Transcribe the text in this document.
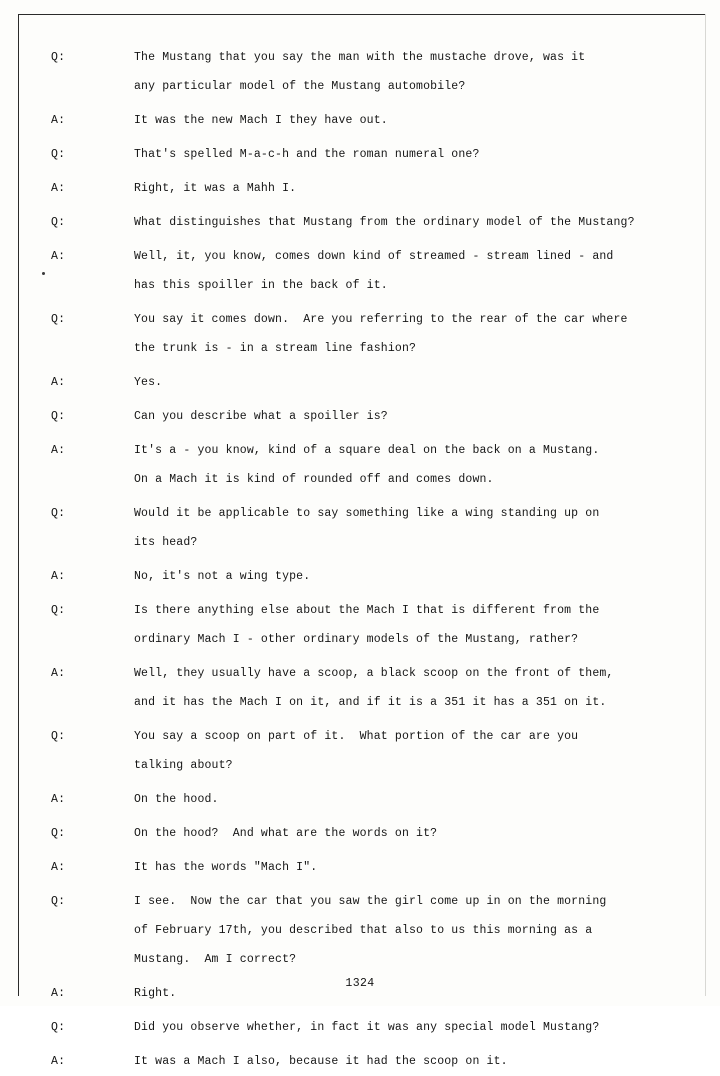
Q:	The Mustang that you say the man with the mustache drove, was it
any particular model of the Mustang automobile?
A:	It was the new Mach I they have out.
Q:	That's spelled M-a-c-h and the roman numeral one?
A:	Right, it was a Mahh I.
Q:	What distinguishes that Mustang from the ordinary model of the Mustang?
A:	Well, it, you know, comes down kind of streamed - stream lined - and
has this spoiller in the back of it.
Q:	You say it comes down.  Are you referring to the rear of the car where
the trunk is - in a stream line fashion?
A:	Yes.
Q:	Can you describe what a spoiller is?
A:	It's a - you know, kind of a square deal on the back on a Mustang.
On a Mach it is kind of rounded off and comes down.
Q:	Would it be applicable to say something like a wing standing up on
its head?
A:	No, it's not a wing type.
Q:	Is there anything else about the Mach I that is different from the
ordinary Mach I - other ordinary models of the Mustang, rather?
A:	Well, they usually have a scoop, a black scoop on the front of them,
and it has the Mach I on it, and if it is a 351 it has a 351 on it.
Q:	You say a scoop on part of it.  What portion of the car are you
talking about?
A:	On the hood.
Q:	On the hood?  And what are the words on it?
A:	It has the words "Mach I".
Q:	I see.  Now the car that you saw the girl come up in on the morning
of February 17th, you described that also to us this morning as a
Mustang.  Am I correct?
A:	Right.
Q:	Did you observe whether, in fact it was any special model Mustang?
A:	It was a Mach I also, because it had the scoop on it.
1324
